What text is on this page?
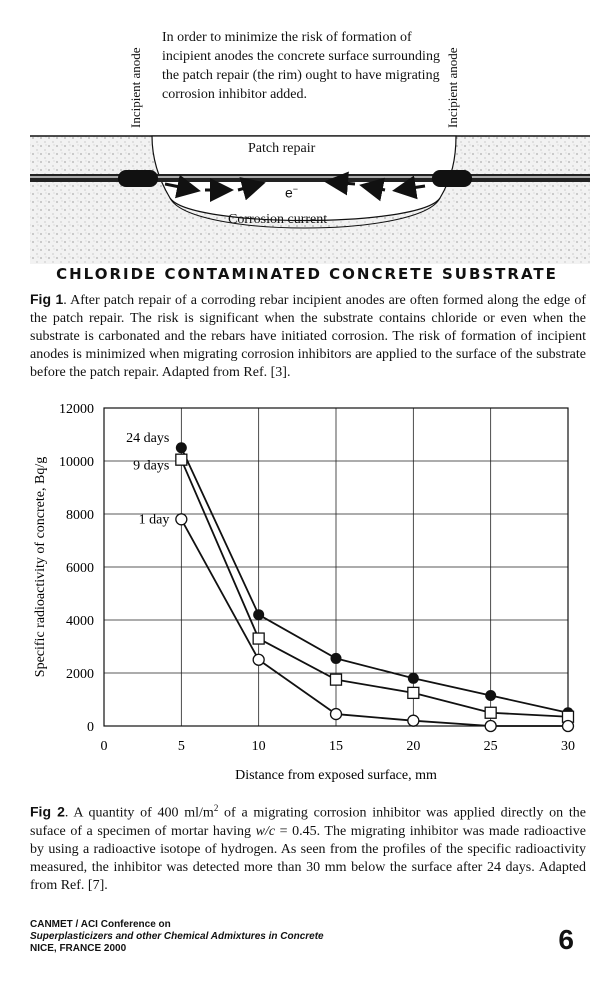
In order to minimize the risk of formation of incipient anodes the concrete surface surrounding the patch repair (the rim) ought to have migrating corrosion inhibitor added.
Incipient anode	Incipient anode
Patch repair
e−
Corrosion current
CHLORIDE CONTAMINATED CONCRETE SUBSTRATE
Fig 1. After patch repair of a corroding rebar incipient anodes are often formed along the edge of the patch repair. The risk is significant when the substrate contains chloride or even when the substrate is carbonated and the rebars have initiated corrosion. The risk of formation of incipient anodes is minimized when migrating corrosion inhibitors are applied to the surface of the substrate before the patch repair. Adapted from Ref. [3].
0
2000
4000
6000
8000
10000
12000
0	5	10	15	20	25	30
Distance from exposed surface, mm
Specific radioactivity of concrete, Bq/g
24 days
9 days
1 day
Fig 2. A quantity of 400 $ml/m^2$ of a migrating corrosion inhibitor was applied directly on the suface of a specimen of mortar having w/c = 0.45. The migrating inhibitor was made radioactive by using a radioactive isotope of hydrogen. As seen from the profiles of the specific radioactivity measured, the inhibitor was detected more than 30 mm below the surface after 24 days. Adapted from Ref. [7].
CANMET / ACI Conference on
Superplasticizers and other Chemical Admixtures in Concrete
NICE, FRANCE 2000	6
